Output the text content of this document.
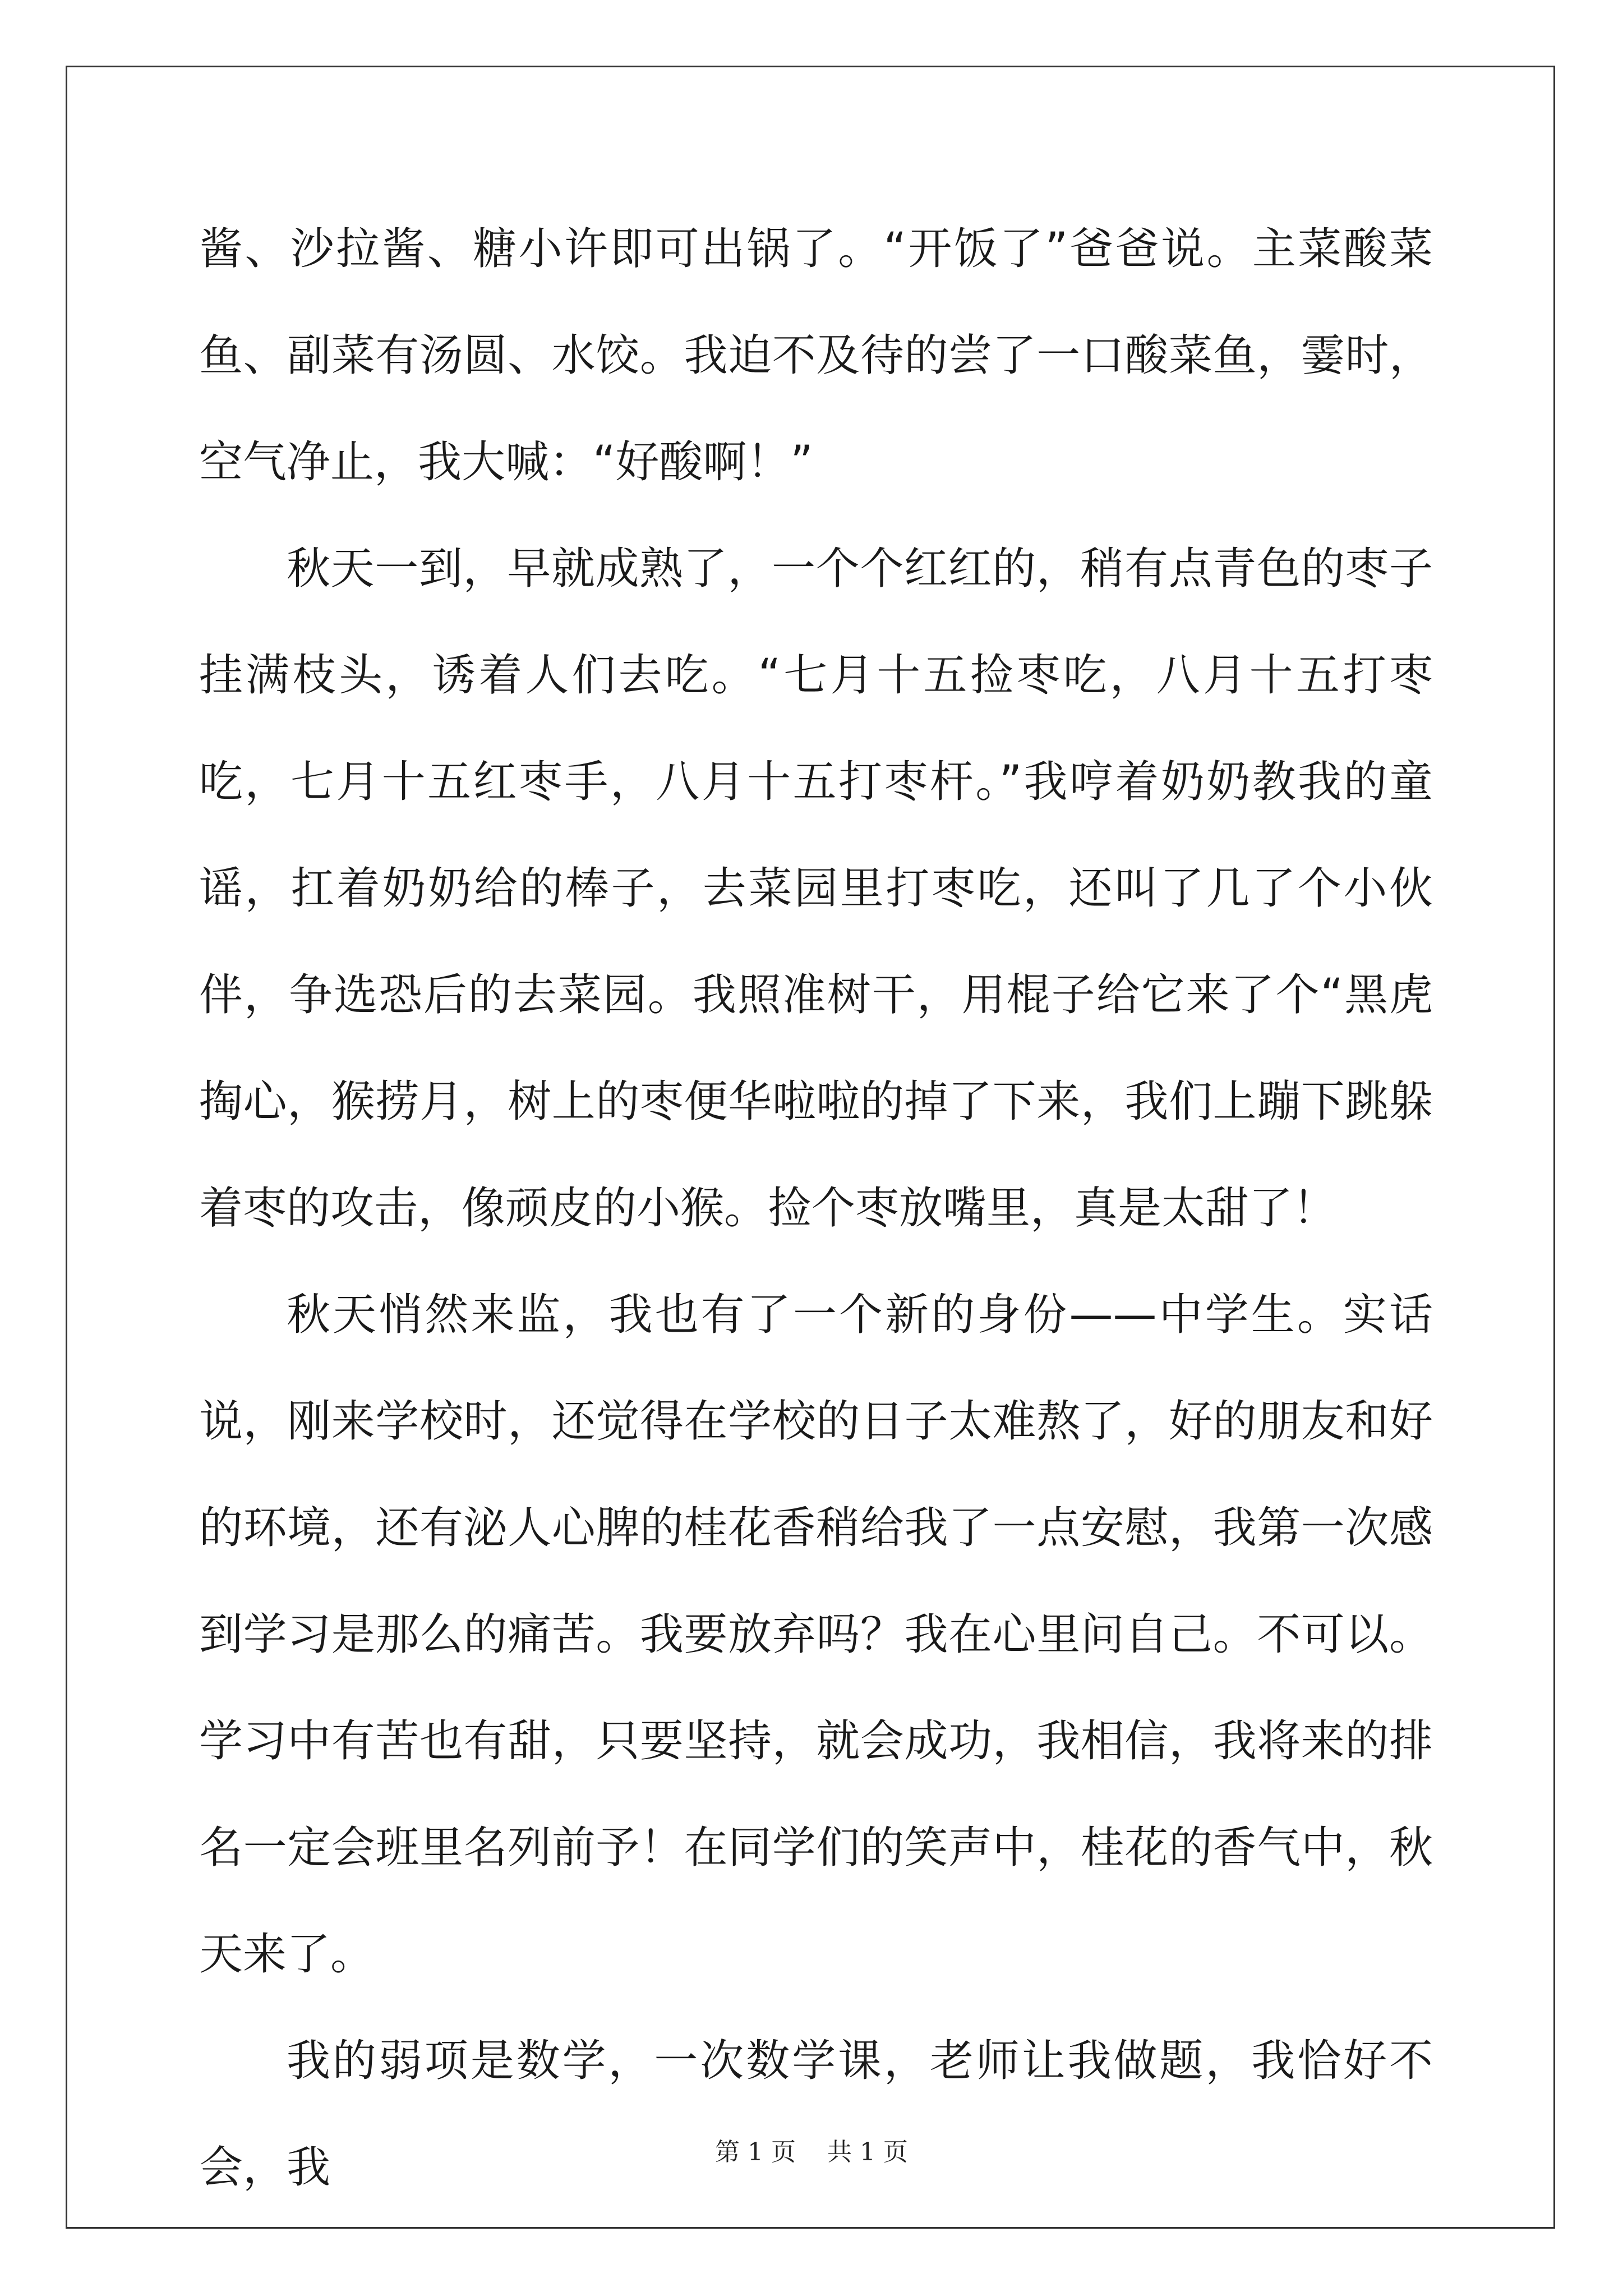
酱、沙拉酱、糖小许即可出锅了。“开饭了”爸爸说。主菜酸菜鱼、副菜有汤圆、水饺。我迫不及待的尝了一口酸菜鱼，霎时，空气净止，我大喊：“好酸啊！”

秋天一到，早就成熟了，一个个红红的，稍有点青色的枣子挂满枝头，诱着人们去吃。“七月十五捡枣吃，八月十五打枣吃，七月十五红枣手，八月十五打枣杆。”我哼着奶奶教我的童谣，扛着奶奶给的棒子，去菜园里打枣吃，还叫了几了个小伙伴，争选恐后的去菜园。我照准树干，用棍子给它来了个“黑虎掏心，猴捞月，树上的枣便华啦啦的掉了下来，我们上蹦下跳躲着枣的攻击，像顽皮的小猴。捡个枣放嘴里，真是太甜了！

秋天悄然来监，我也有了一个新的身份——中学生。实话说，刚来学校时，还觉得在学校的日子太难熬了，好的朋友和好的环境，还有泌人心脾的桂花香稍给我了一点安慰，我第一次感到学习是那么的痛苦。我要放弃吗？我在心里问自己。不可以。学习中有苦也有甜，只要坚持，就会成功，我相信，我将来的排名一定会班里名列前予！在同学们的笑声中，桂花的香气中，秋天来了。

我的弱项是数学，一次数学课，老师让我做题，我恰好不会，我	第 1 页    共 1 页
